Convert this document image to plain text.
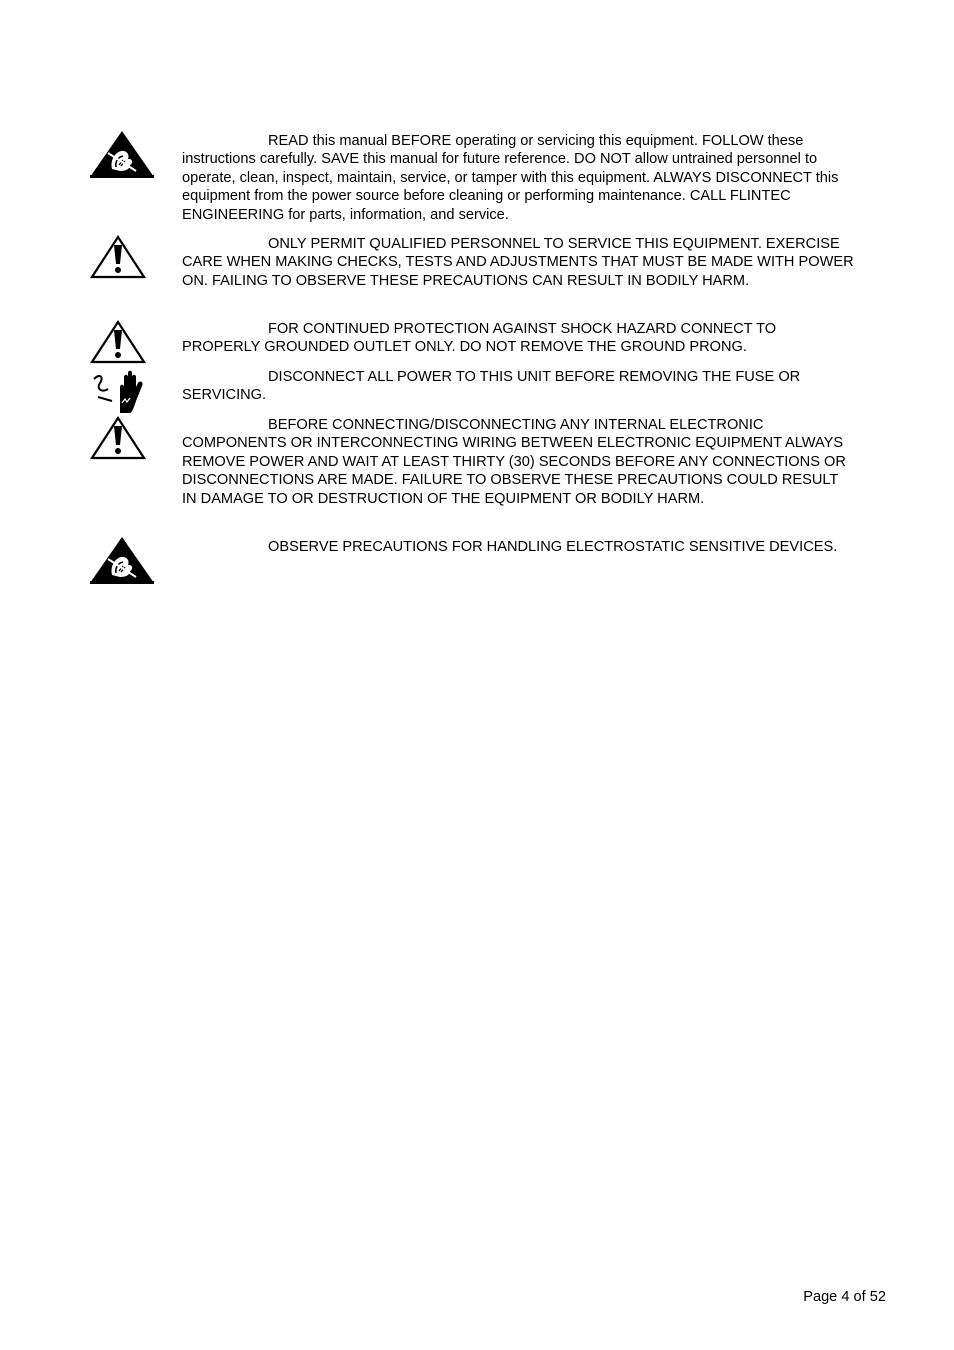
READ this manual BEFORE operating or servicing this equipment. FOLLOW these instructions carefully. SAVE this manual for future reference. DO NOT allow untrained personnel to operate, clean, inspect, maintain, service, or tamper with this equipment. ALWAYS DISCONNECT this equipment from the power source before cleaning or performing maintenance. CALL FLINTEC ENGINEERING for parts, information, and service.

ONLY PERMIT QUALIFIED PERSONNEL TO SERVICE THIS EQUIPMENT. EXERCISE CARE WHEN MAKING CHECKS, TESTS AND ADJUSTMENTS THAT MUST BE MADE WITH POWER ON. FAILING TO OBSERVE THESE PRECAUTIONS CAN RESULT IN BODILY HARM.

FOR CONTINUED PROTECTION AGAINST SHOCK HAZARD CONNECT TO PROPERLY GROUNDED OUTLET ONLY. DO NOT REMOVE THE GROUND PRONG.

DISCONNECT ALL POWER TO THIS UNIT BEFORE REMOVING THE FUSE OR SERVICING.

BEFORE CONNECTING/DISCONNECTING ANY INTERNAL ELECTRONIC COMPONENTS OR INTERCONNECTING WIRING BETWEEN ELECTRONIC EQUIPMENT ALWAYS REMOVE POWER AND WAIT AT LEAST THIRTY (30) SECONDS BEFORE ANY CONNECTIONS OR DISCONNECTIONS ARE MADE. FAILURE TO OBSERVE THESE PRECAUTIONS COULD RESULT IN DAMAGE TO OR DESTRUCTION OF THE EQUIPMENT OR BODILY HARM.

OBSERVE PRECAUTIONS FOR HANDLING ELECTROSTATIC SENSITIVE DEVICES.

Page 4 of 52
